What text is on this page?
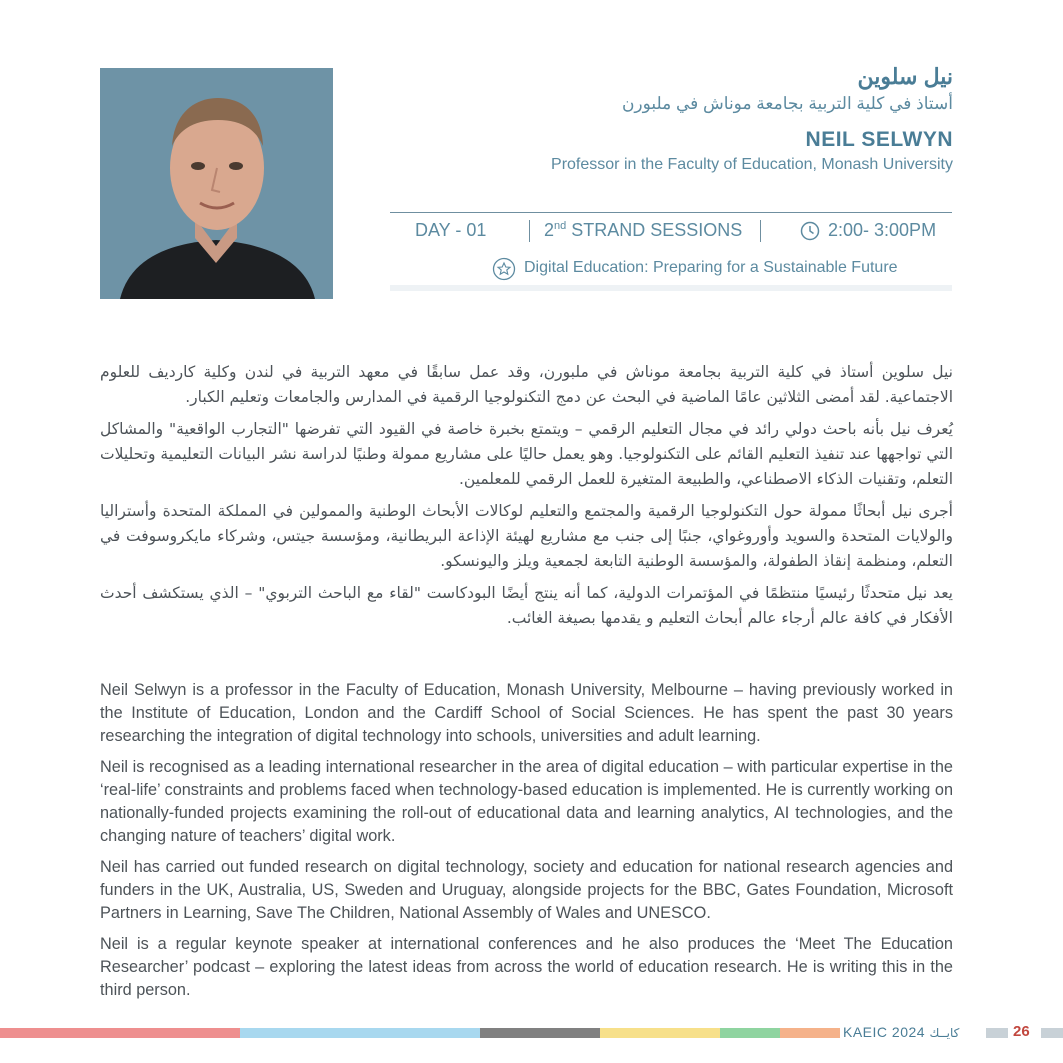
نيل سلوين
أستاذ في كلية التربية بجامعة موناش في ملبورن
NEIL SELWYN
Professor in the Faculty of Education, Monash University
DAY - 01	2nd STRAND SESSIONS	2:00- 3:00PM
Digital Education: Preparing for a Sustainable Future

نيل سلوين أستاذ في كلية التربية بجامعة موناش في ملبورن، وقد عمل سابقًا في معهد التربية في لندن وكلية كارديف للعلوم الاجتماعية. لقد أمضى الثلاثين عامًا الماضية في البحث عن دمج التكنولوجيا الرقمية في المدارس والجامعات وتعليم الكبار.

يُعرف نيل بأنه باحث دولي رائد في مجال التعليم الرقمي – ويتمتع بخبرة خاصة في القيود التي تفرضها "التجارب الواقعية" والمشاكل التي تواجهها عند تنفيذ التعليم القائم على التكنولوجيا. وهو يعمل حاليًا على مشاريع ممولة وطنيًا لدراسة نشر البيانات التعليمية وتحليلات التعلم، وتقنيات الذكاء الاصطناعي، والطبيعة المتغيرة للعمل الرقمي للمعلمين.

أجرى نيل أبحاثًا ممولة حول التكنولوجيا الرقمية والمجتمع والتعليم لوكالات الأبحاث الوطنية والممولين في المملكة المتحدة وأستراليا والولايات المتحدة والسويد وأوروغواي، جنبًا إلى جنب مع مشاريع لهيئة الإذاعة البريطانية، ومؤسسة جيتس، وشركاء مايكروسوفت في التعلم، ومنظمة إنقاذ الطفولة، والمؤسسة الوطنية التابعة لجمعية ويلز واليونسكو.

يعد نيل متحدثًا رئيسيًا منتظمًا في المؤتمرات الدولية، كما أنه ينتج أيضًا البودكاست "لقاء مع الباحث التربوي" – الذي يستكشف أحدث الأفكار في كافة عالم أرجاء عالم أبحاث التعليم و يقدمها بصيغة الغائب.

Neil Selwyn is a professor in the Faculty of Education, Monash University, Melbourne – having previously worked in the Institute of Education, London and the Cardiff School of Social Sciences. He has spent the past 30 years researching the integration of digital technology into schools, universities and adult learning.

Neil is recognised as a leading international researcher in the area of digital education – with particular expertise in the ‘real-life’ constraints and problems faced when technology-based education is implemented. He is currently working on nationally-funded projects examining the roll-out of educational data and learning analytics, AI technologies, and the changing nature of teachers’ digital work.

Neil has carried out funded research on digital technology, society and education for national research agencies and funders in the UK, Australia, US, Sweden and Uruguay, alongside projects for the BBC, Gates Foundation, Microsoft Partners in Learning, Save The Children, National Assembly of Wales and UNESCO.

Neil is a regular keynote speaker at international conferences and he also produces the ‘Meet The Education Researcher’ podcast – exploring the latest ideas from across the world of education research. He is writing this in the third person.

KAEIC 2024 كايــك	26
